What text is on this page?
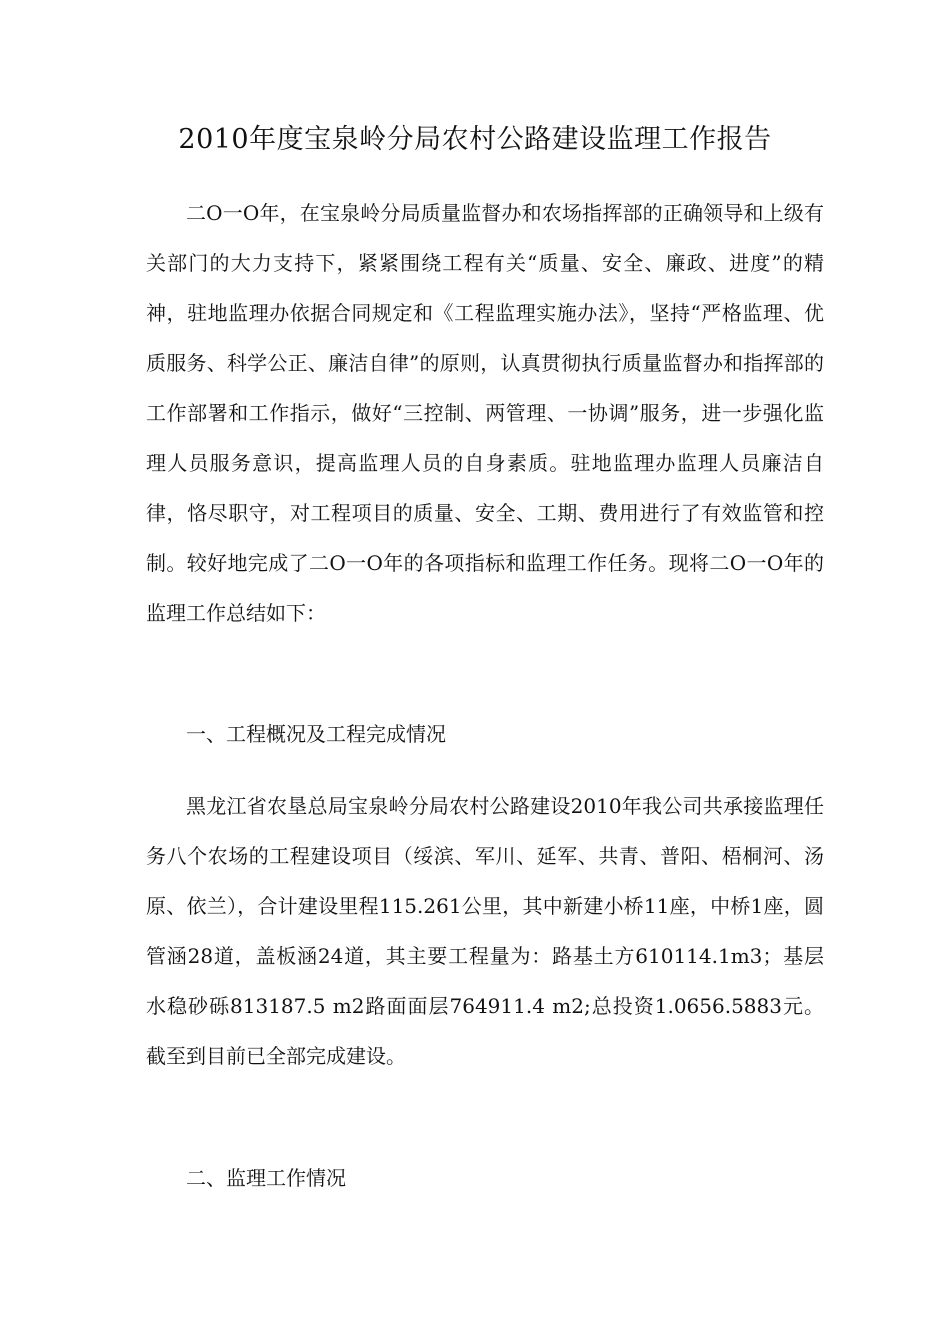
2010年度宝泉岭分局农村公路建设监理工作报告

二O一O年，在宝泉岭分局质量监督办和农场指挥部的正确领导和上级有关部门的大力支持下，紧紧围绕工程有关“质量、安全、廉政、进度”的精神，驻地监理办依据合同规定和《工程监理实施办法》，坚持“严格监理、优质服务、科学公正、廉洁自律”的原则，认真贯彻执行质量监督办和指挥部的工作部署和工作指示，做好“三控制、两管理、一协调”服务，进一步强化监理人员服务意识，提高监理人员的自身素质。驻地监理办监理人员廉洁自律，恪尽职守，对工程项目的质量、安全、工期、费用进行了有效监管和控制。较好地完成了二O一O年的各项指标和监理工作任务。现将二O一O年的监理工作总结如下：

一、工程概况及工程完成情况

黑龙江省农垦总局宝泉岭分局农村公路建设2010年我公司共承接监理任务八个农场的工程建设项目（绥滨、军川、延军、共青、普阳、梧桐河、汤原、依兰），合计建设里程115.261公里，其中新建小桥11座，中桥1座，圆管涵28道，盖板涵24道，其主要工程量为：路基土方610114.1m3；基层水稳砂砾813187.5 m2路面面层764911.4 m2;总投资1.0656.5883元。截至到目前已全部完成建设。

二、监理工作情况
